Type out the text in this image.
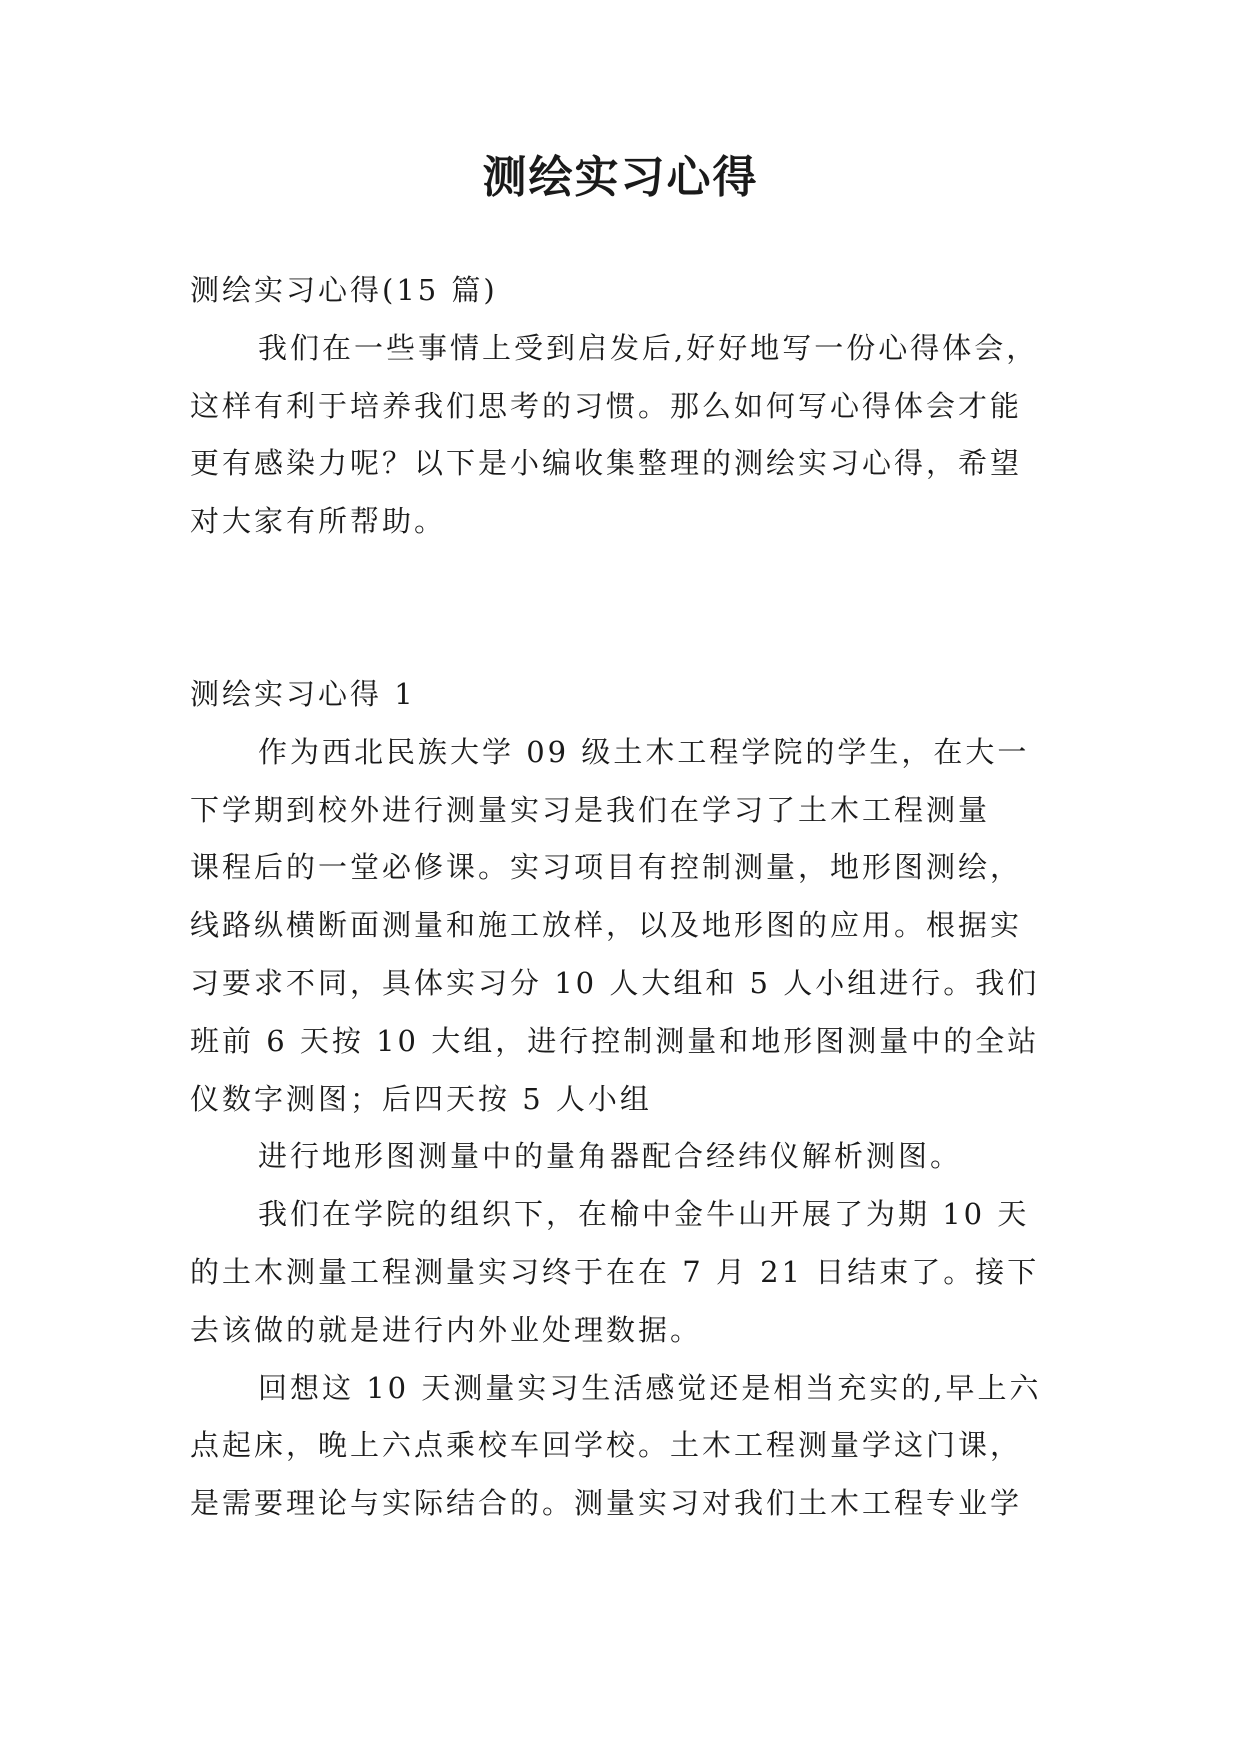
测绘实习心得

测绘实习心得(15 篇)

我们在一些事情上受到启发后,好好地写一份心得体会，

这样有利于培养我们思考的习惯。那么如何写心得体会才能

更有感染力呢？以下是小编收集整理的测绘实习心得，希望

对大家有所帮助。

测绘实习心得 1

作为西北民族大学 09 级土木工程学院的学生，在大一

下学期到校外进行测量实习是我们在学习了土木工程测量

课程后的一堂必修课。实习项目有控制测量，地形图测绘，

线路纵横断面测量和施工放样，以及地形图的应用。根据实

习要求不同，具体实习分 10 人大组和 5 人小组进行。我们

班前 6 天按 10 大组，进行控制测量和地形图测量中的全站

仪数字测图；后四天按 5 人小组

进行地形图测量中的量角器配合经纬仪解析测图。

我们在学院的组织下，在榆中金牛山开展了为期 10 天

的土木测量工程测量实习终于在在 7 月 21 日结束了。接下

去该做的就是进行内外业处理数据。

回想这 10 天测量实习生活感觉还是相当充实的,早上六

点起床，晚上六点乘校车回学校。土木工程测量学这门课，

是需要理论与实际结合的。测量实习对我们土木工程专业学
